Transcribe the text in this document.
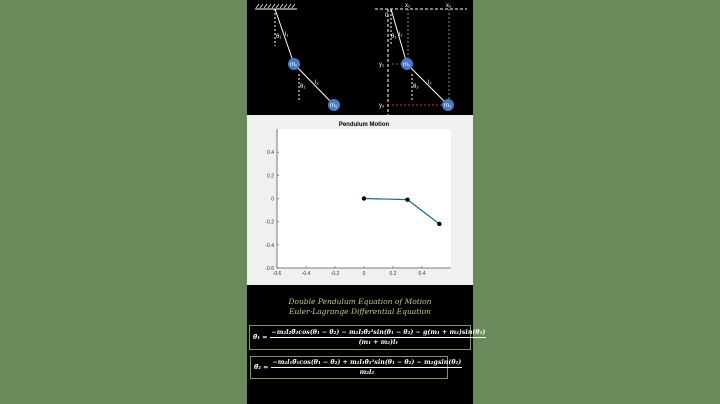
m₁
m₂
m₁
m₂
l₁
l₂
θ₁
θ₂
l₁
l₂
θ₁
θ₂
0
x₁	x₂
y₁
y₂
Pendulum Motion
-0.6	-0.4	-0.2	0	0.2	0.4
-0.6
-0.4
-0.2
0
0.2
0.4
Double Pendulum Equation of Motion
Euler-Lagrange Differential Equation
θ̈₁ =
−m₂l₂θ̈₂cos(θ₁ − θ₂) − m₂l₂θ̇₂²sin(θ₁ − θ₂) − g(m₁ + m₂)sin(θ₁)
(m₁ + m₂)l₁
θ̈₂ = $\frac{\text{−m₂l₁θ̈₁cos(θ₁ − θ₂) + m₂l₁θ̇₁²sin(θ₁ − θ₂) − m₂gsin(θ₂)}}{\text{m₂l₂}}$
